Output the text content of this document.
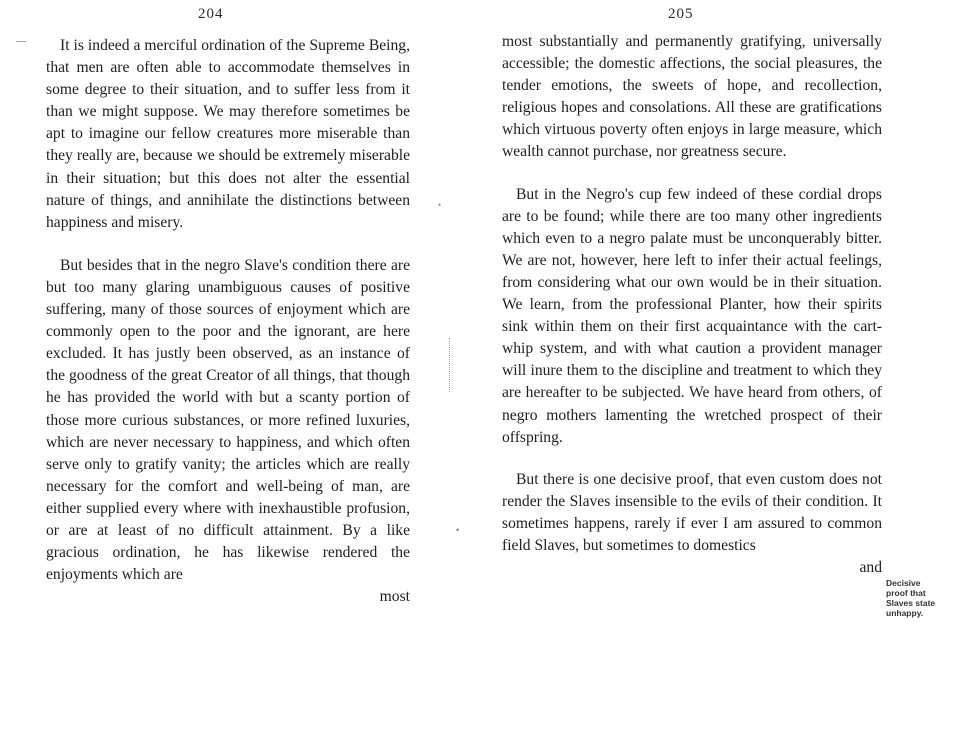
—
204

It is indeed a merciful ordination of the Supreme Being, that men are often able to accommodate themselves in some degree to their situation, and to suffer less from it than we might suppose. We may therefore sometimes be apt to imagine our fellow creatures more miserable than they really are, because we should be extremely miserable in their situation; but this does not alter the essential nature of things, and annihilate the distinctions between happiness and misery.

But besides that in the negro Slave's condition there are but too many glaring unambiguous causes of positive suffering, many of those sources of enjoyment which are commonly open to the poor and the ignorant, are here excluded. It has justly been observed, as an instance of the goodness of the great Creator of all things, that though he has provided the world with but a scanty portion of those more curious substances, or more refined luxuries, which are never necessary to happiness, and which often serve only to gratify vanity; the articles which are really necessary for the comfort and well-being of man, are either supplied every where with inexhaustible profusion, or are at least of no difficult attainment. By a like gracious ordination, he has likewise rendered the enjoyments which are

most

•
•
205

most substantially and permanently gratifying, universally accessible; the domestic affections, the social pleasures, the tender emotions, the sweets of hope, and recollection, religious hopes and consolations. All these are gratifications which virtuous poverty often enjoys in large measure, which wealth cannot purchase, nor greatness secure.

But in the Negro's cup few indeed of these cordial drops are to be found; while there are too many other ingredients which even to a negro palate must be unconquerably bitter. We are not, however, here left to infer their actual feelings, from considering what our own would be in their situation. We learn, from the professional Planter, how their spirits sink within them on their first acquaintance with the cart-whip system, and with what caution a provident manager will inure them to the discipline and treatment to which they are hereafter to be subjected. We have heard from others, of negro mothers lamenting the wretched prospect of their offspring.

But there is one decisive proof, that even custom does not render the Slaves insensible to the evils of their condition. It sometimes happens, rarely if ever I am assured to common field Slaves, but sometimes to domestics

and

Decisive
proof that
Slaves state
unhappy.
